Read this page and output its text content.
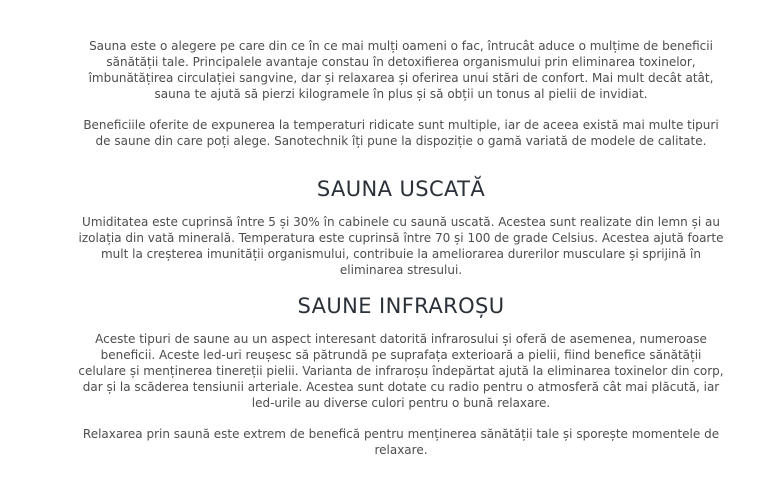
Sauna este o alegere pe care din ce în ce mai mulți oameni o fac, întrucât aduce o mulțime de beneficii sănătății tale. Principalele avantaje constau în detoxifierea organismului prin eliminarea toxinelor, îmbunătățirea circulației sangvine, dar și relaxarea și oferirea unui stări de confort. Mai mult decât atât, sauna te ajută să pierzi kilogramele în plus și să obții un tonus al pielii de invidiat.

Beneficiile oferite de expunerea la temperaturi ridicate sunt multiple, iar de aceea există mai multe tipuri de saune din care poți alege. Sanotechnik îți pune la dispoziție o gamă variată de modele de calitate.

SAUNA USCATĂ

Umiditatea este cuprinsă între 5 și 30% în cabinele cu saună uscată. Acestea sunt realizate din lemn și au izolația din vată minerală. Temperatura este cuprinsă între 70 și 100 de grade Celsius. Acestea ajută foarte mult la creșterea imunității organismului, contribuie la ameliorarea durerilor musculare și sprijină în eliminarea stresului.

SAUNE INFRAROȘU

Aceste tipuri de saune au un aspect interesant datorită infrarosului și oferă de asemenea, numeroase beneficii. Aceste led-uri reușesc să pătrundă pe suprafața exterioară a pielii, fiind benefice sănătății celulare și menținerea tinereții pielii. Varianta de infraroșu îndepărtat ajută la eliminarea toxinelor din corp, dar și la scăderea tensiunii arteriale. Acestea sunt dotate cu radio pentru o atmosferă cât mai plăcută, iar led-urile au diverse culori pentru o bună relaxare.

Relaxarea prin saună este extrem de benefică pentru menținerea sănătății tale și sporește momentele de relaxare.
